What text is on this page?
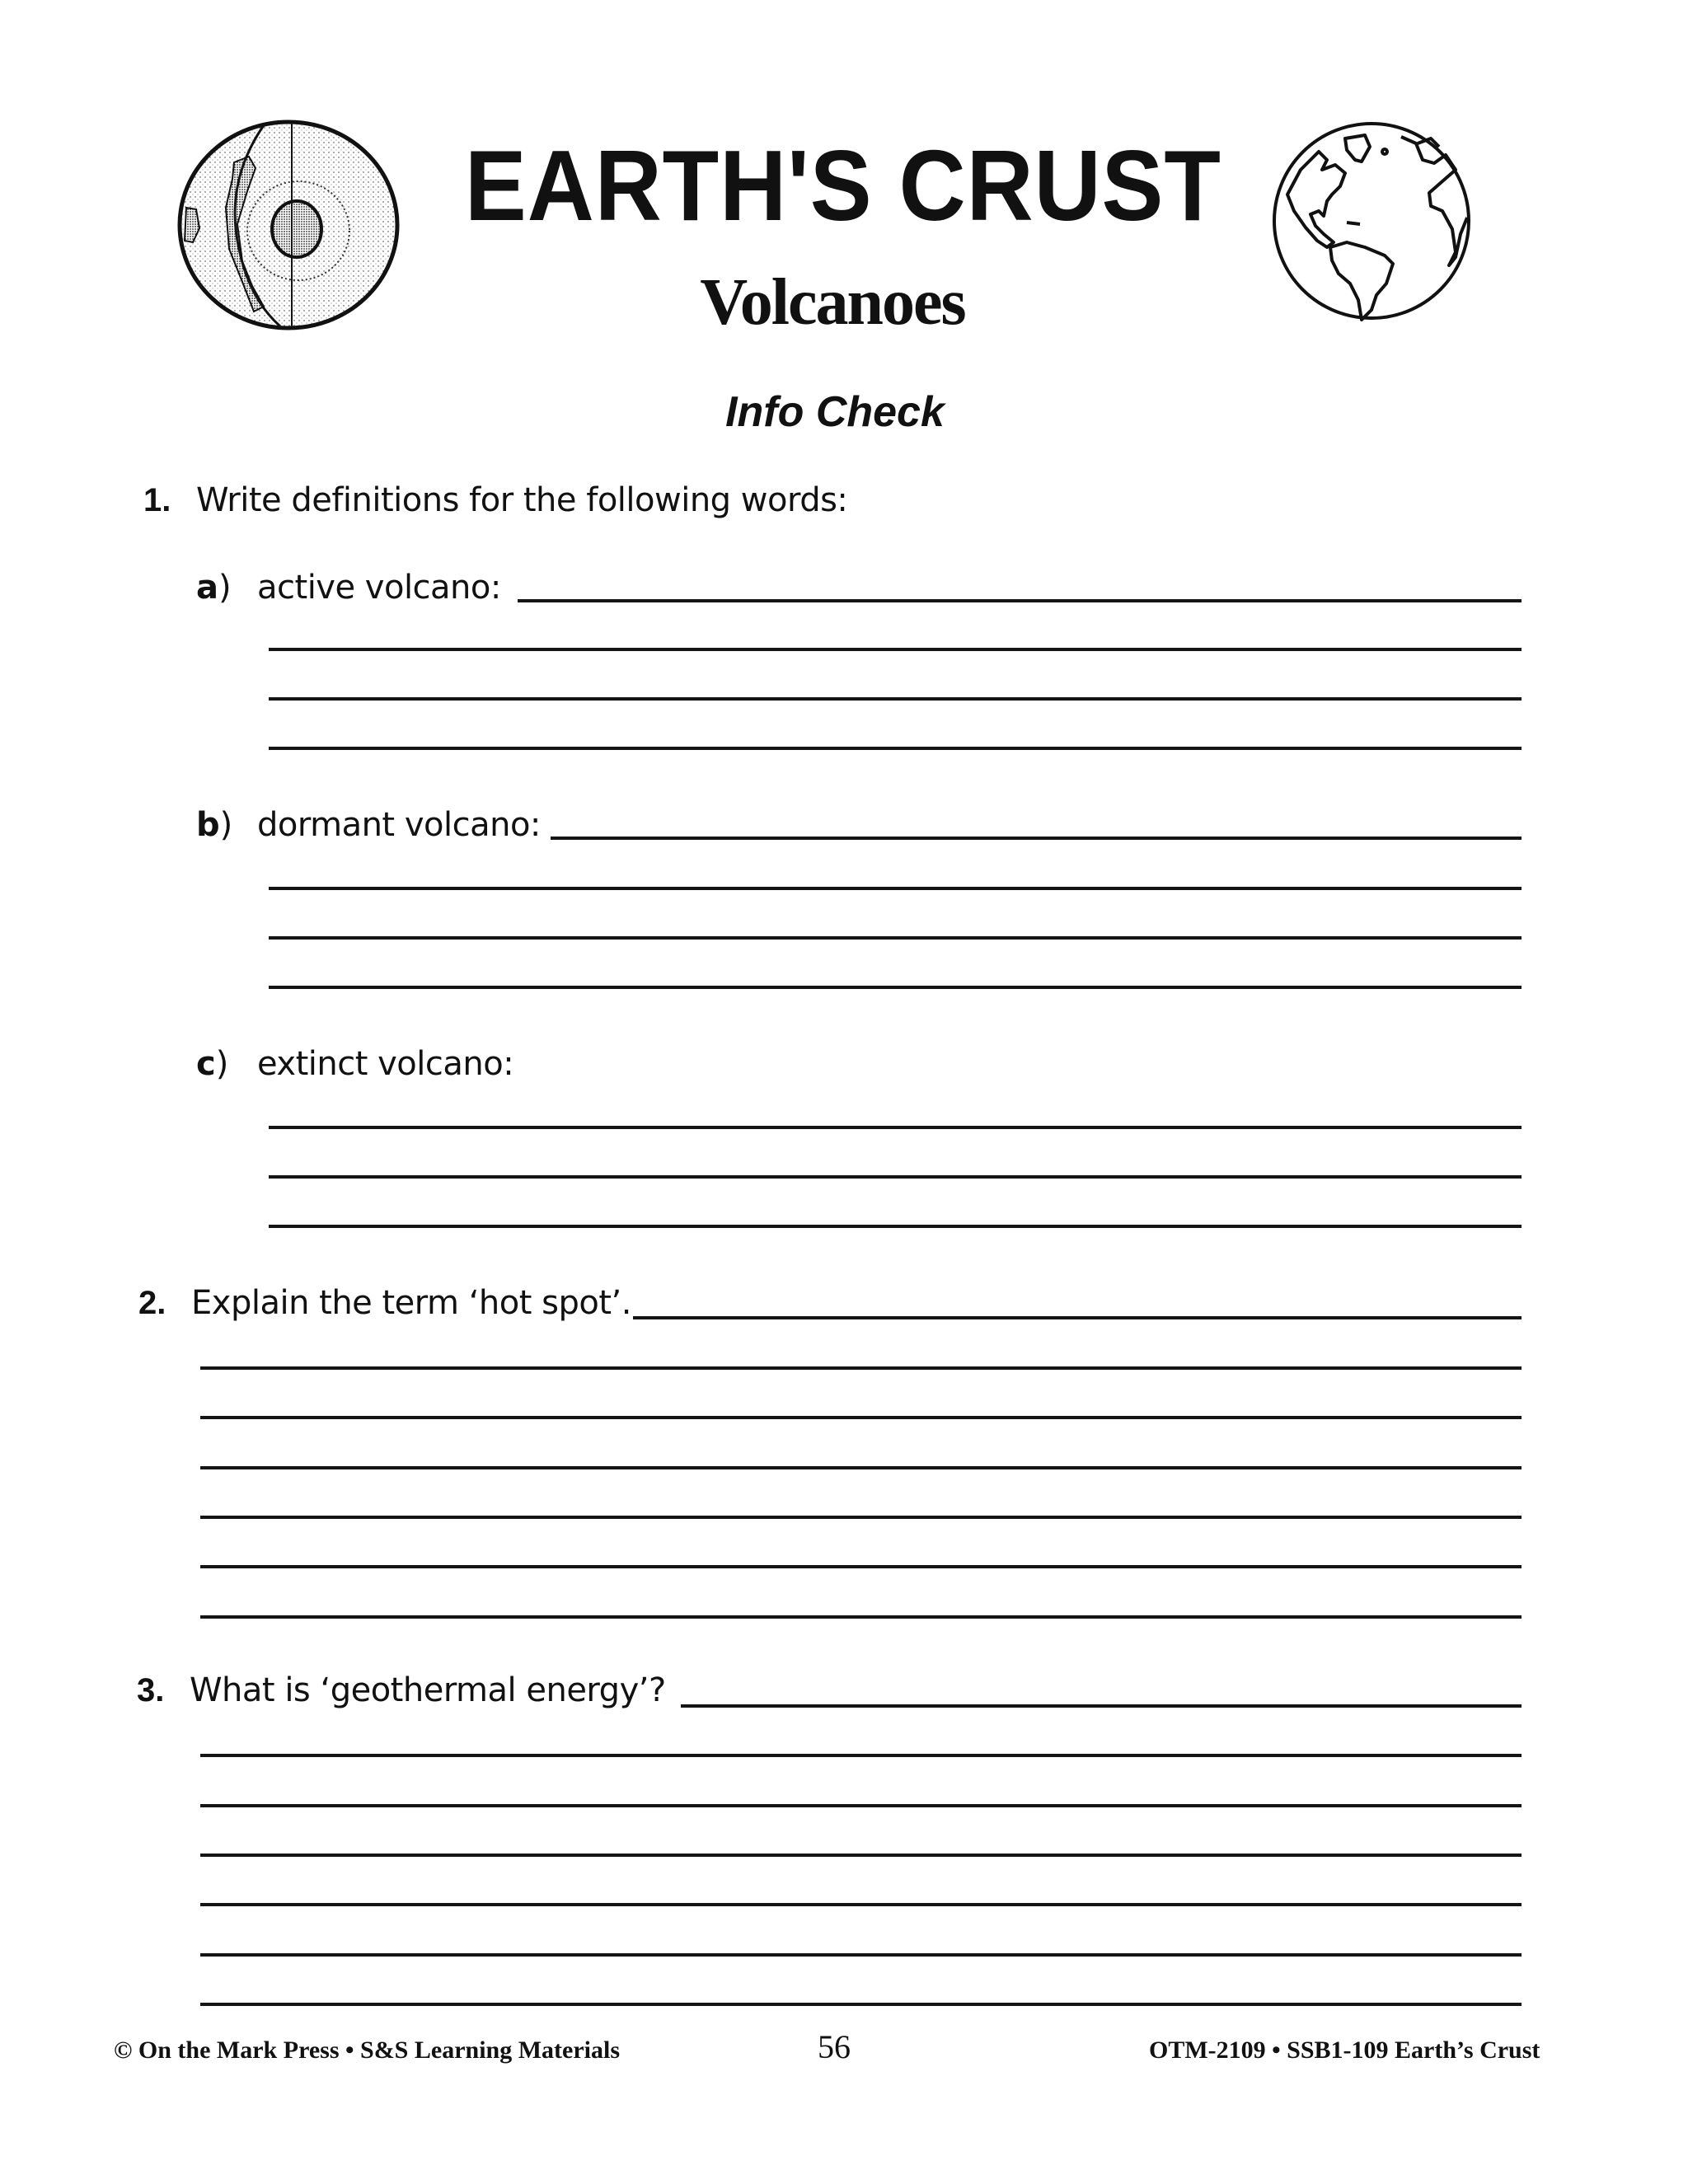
EARTH'S CRUST
Volcanoes
Info Check
1. Write definitions for the following words:
a) active volcano:
b) dormant volcano:
c) extinct volcano:
2. Explain the term ‘hot spot’.
3. What is ‘geothermal energy’?
© On the Mark Press • S&S Learning Materials	56	OTM-2109 • SSB1-109 Earth’s Crust
